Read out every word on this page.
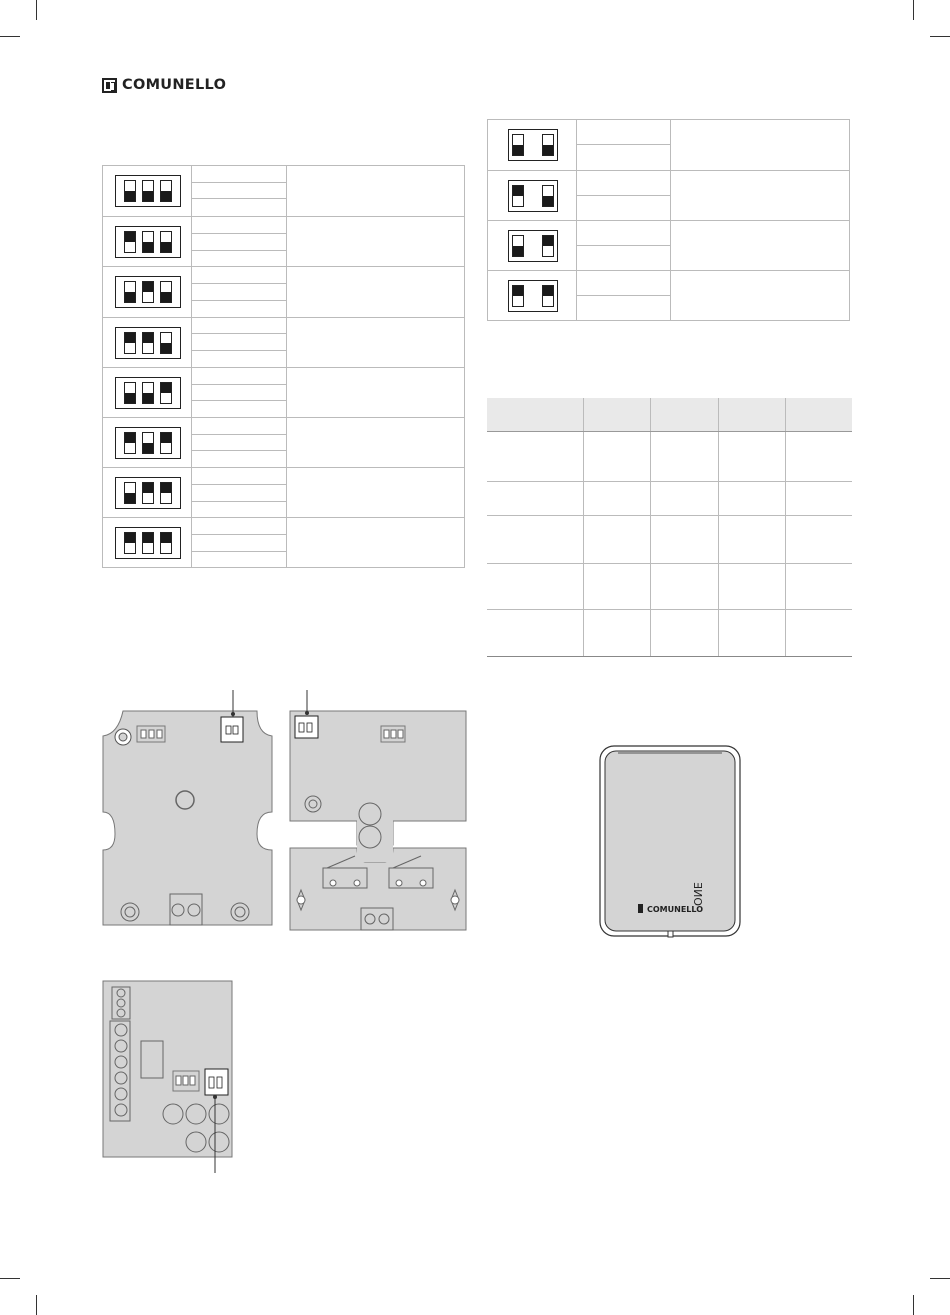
COMUNELLO

COMUNELLO
ONE
